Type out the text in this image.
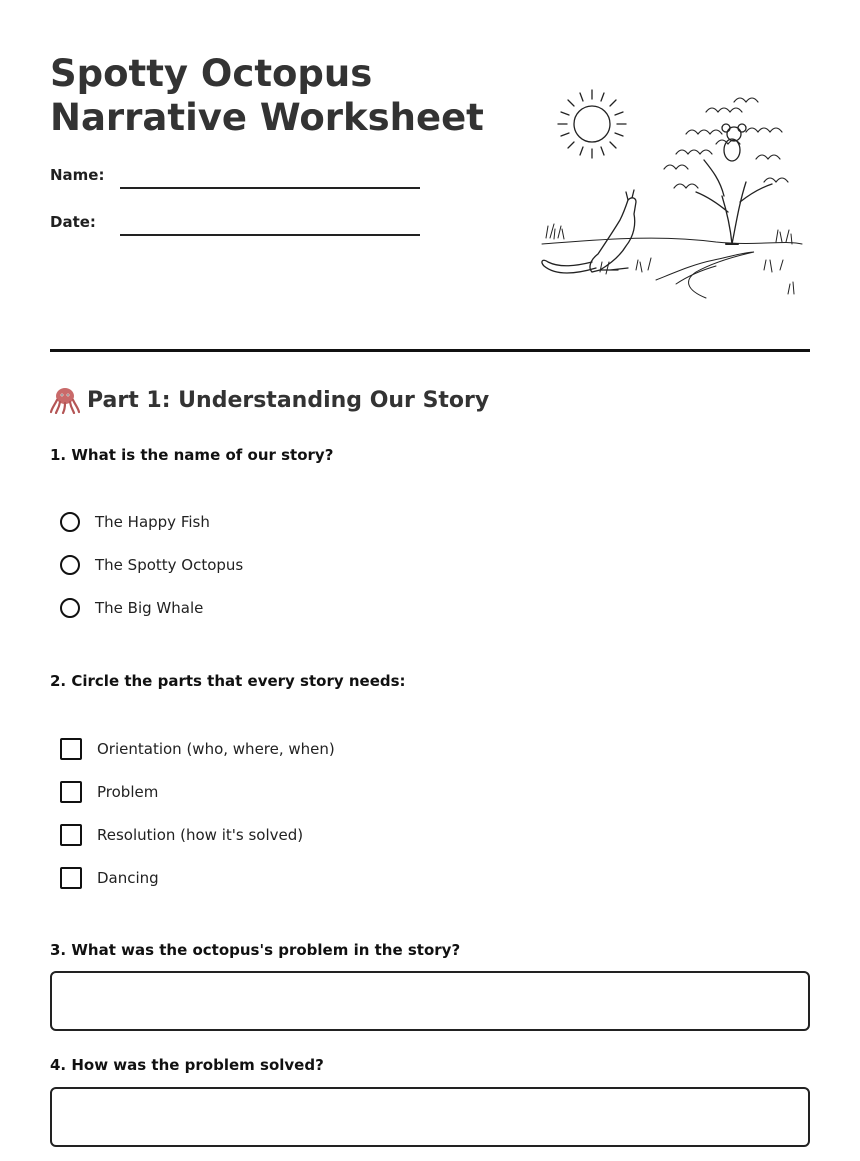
Spotty Octopus
Narrative Worksheet
Name:
Date:
Part 1: Understanding Our Story
1. What is the name of our story?
The Happy Fish
The Spotty Octopus
The Big Whale
2. Circle the parts that every story needs:
Orientation (who, where, when)
Problem
Resolution (how it's solved)
Dancing
3. What was the octopus's problem in the story?
4. How was the problem solved?
